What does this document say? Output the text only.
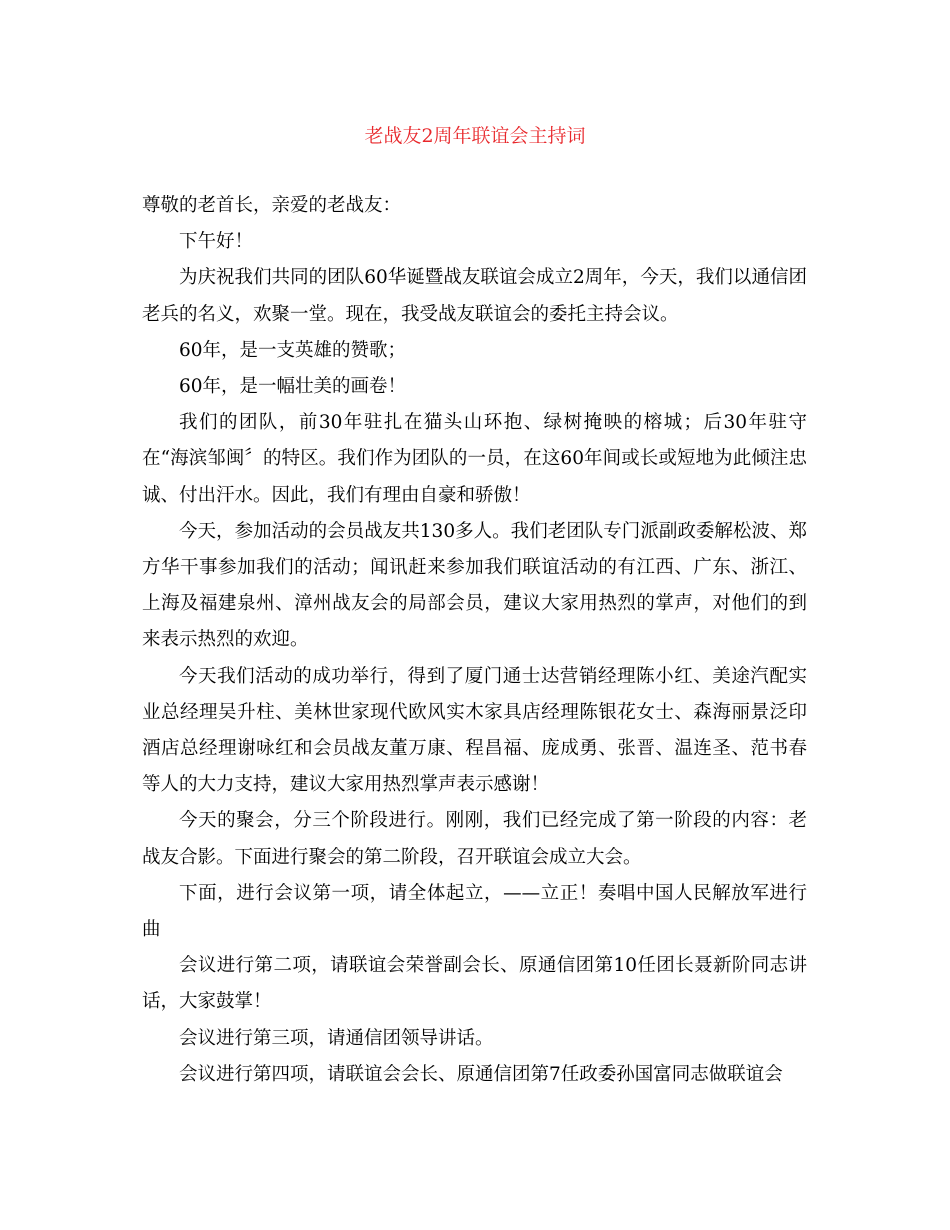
老战友2周年联谊会主持词

尊敬的老首长，亲爱的老战友：

下午好！

为庆祝我们共同的团队60华诞暨战友联谊会成立2周年，今天，我们以通信团老兵的名义，欢聚一堂。现在，我受战友联谊会的委托主持会议。

60年，是一支英雄的赞歌；

60年，是一幅壮美的画卷！

我们的团队，前30年驻扎在猫头山环抱、绿树掩映的榕城；后30年驻守在“海滨邹闽〞的特区。我们作为团队的一员，在这60年间或长或短地为此倾注忠诚、付出汗水。因此，我们有理由自豪和骄傲！

今天，参加活动的会员战友共130多人。我们老团队专门派副政委解松波、郑方华干事参加我们的活动；闻讯赶来参加我们联谊活动的有江西、广东、浙江、上海及福建泉州、漳州战友会的局部会员，建议大家用热烈的掌声，对他们的到来表示热烈的欢迎。

今天我们活动的成功举行，得到了厦门通士达营销经理陈小红、美途汽配实业总经理吴升柱、美林世家现代欧风实木家具店经理陈银花女士、森海丽景泛印酒店总经理谢咏红和会员战友董万康、程昌福、庞成勇、张晋、温连圣、范书春等人的大力支持，建议大家用热烈掌声表示感谢！

今天的聚会，分三个阶段进行。刚刚，我们已经完成了第一阶段的内容：老战友合影。下面进行聚会的第二阶段，召开联谊会成立大会。

下面，进行会议第一项，请全体起立，——立正！奏唱中国人民解放军进行曲

会议进行第二项，请联谊会荣誉副会长、原通信团第10任团长聂新阶同志讲话，大家鼓掌！

会议进行第三项，请通信团领导讲话。

会议进行第四项，请联谊会会长、原通信团第7任政委孙国富同志做联谊会
